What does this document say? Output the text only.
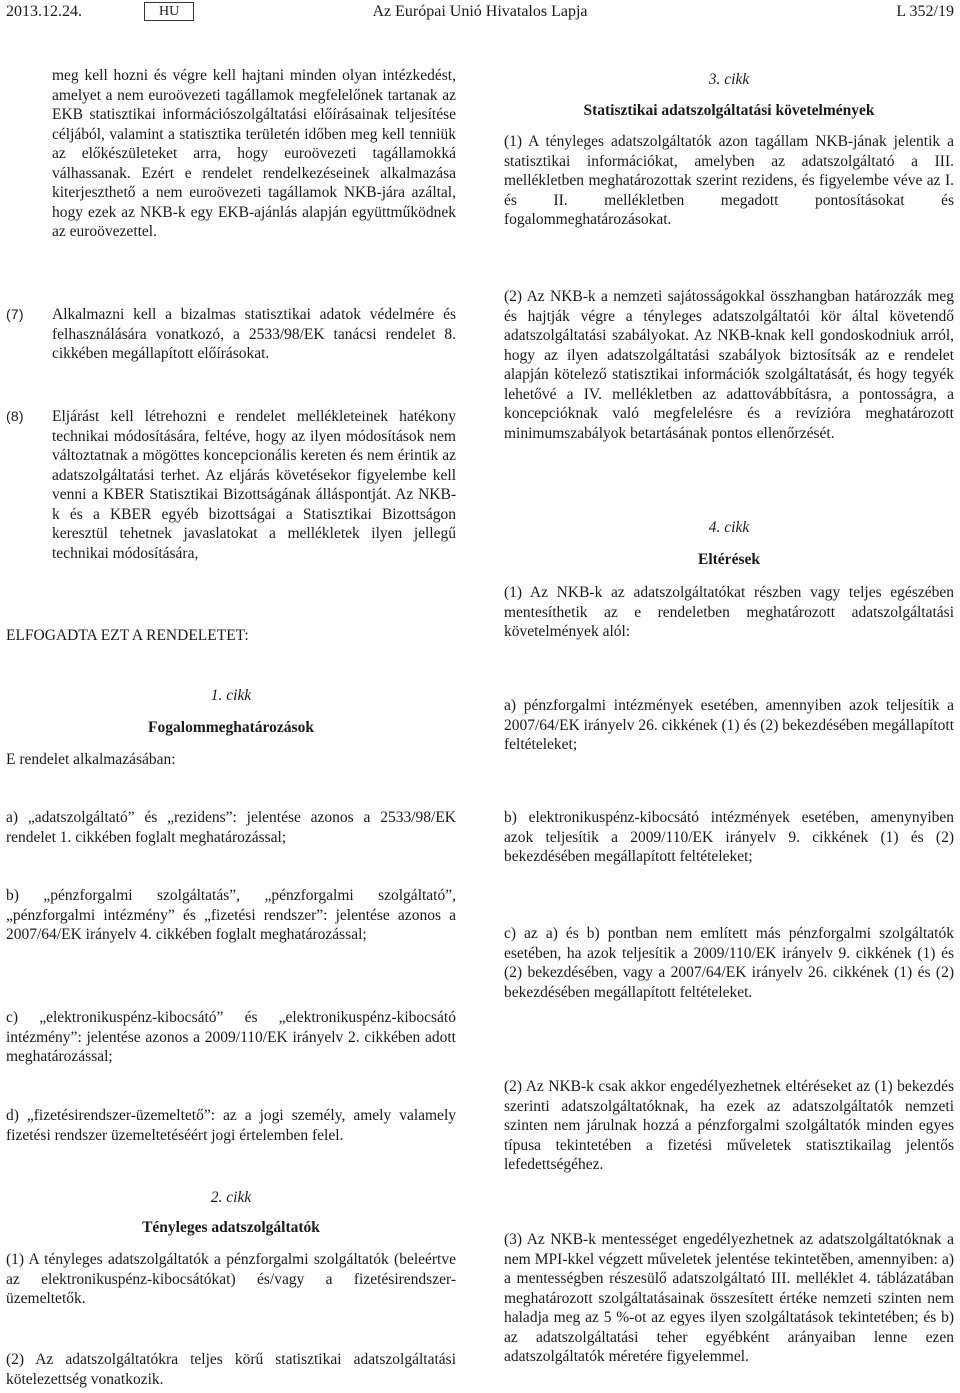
2013.12.24.	HU	Az Európai Unió Hivatalos Lapja	L 352/19
meg kell hozni és végre kell hajtani minden olyan intézkedést, amelyet a nem euroövezeti tagállamok megfelelőnek tartanak az EKB statisztikai információszolgáltatási előírásainak teljesítése céljából, valamint a statisztika területén időben meg kell tenniük az előkészületeket arra, hogy euroövezeti tagállamokká válhassanak. Ezért e rendelet rendelkezéseinek alkalmazása kiterjeszthető a nem euroövezeti tagállamok NKB-jára azáltal, hogy ezek az NKB-k egy EKB-ajánlás alapján együttműködnek az euroövezettel.
(7) Alkalmazni kell a bizalmas statisztikai adatok védelmére és felhasználására vonatkozó, a 2533/98/EK tanácsi rendelet 8. cikkében megállapított előírásokat.
(8) Eljárást kell létrehozni e rendelet mellékleteinek hatékony technikai módosítására, feltéve, hogy az ilyen módosítások nem változtatnak a mögöttes koncepcionális kereten és nem érintik az adatszolgáltatási terhet. Az eljárás követésekor figyelembe kell venni a KBER Statisztikai Bizottságának álláspontját. Az NKB-k és a KBER egyéb bizottságai a Statisztikai Bizottságon keresztül tehetnek javaslatokat a mellékletek ilyen jellegű technikai módosítására,
ELFOGADTA EZT A RENDELETET:
1. cikk
Fogalommeghatározások
E rendelet alkalmazásában:
a) „adatszolgáltató” és „rezidens”: jelentése azonos a 2533/98/EK rendelet 1. cikkében foglalt meghatározással;
b) „pénzforgalmi szolgáltatás”, „pénzforgalmi szolgáltató”, „pénzforgalmi intézmény” és „fizetési rendszer”: jelentése azonos a 2007/64/EK irányelv 4. cikkében foglalt meghatározással;
c) „elektronikuspénz-kibocsátó” és „elektronikuspénz-kibocsátó intézmény”: jelentése azonos a 2009/110/EK irányelv 2. cikkében adott meghatározással;
d) „fizetésirendszer-üzemeltető”: az a jogi személy, amely valamely fizetési rendszer üzemeltetéséért jogi értelemben felel.
2. cikk
Tényleges adatszolgáltatók
(1) A tényleges adatszolgáltatók a pénzforgalmi szolgáltatók (beleértve az elektronikuspénz-kibocsátókat) és/vagy a fizetésirendszer-üzemeltetők.
(2) Az adatszolgáltatókra teljes körű statisztikai adatszolgáltatási kötelezettség vonatkozik.
3. cikk
Statisztikai adatszolgáltatási követelmények
(1) A tényleges adatszolgáltatók azon tagállam NKB-jának jelentik a statisztikai információkat, amelyben az adatszolgáltató a III. mellékletben meghatározottak szerint rezidens, és figyelembe véve az I. és II. mellékletben megadott pontosításokat és fogalommeghatározásokat.
(2) Az NKB-k a nemzeti sajátosságokkal összhangban határozzák meg és hajtják végre a tényleges adatszolgáltatói kör által követendő adatszolgáltatási szabályokat. Az NKB-knak kell gondoskodniuk arról, hogy az ilyen adatszolgáltatási szabályok biztosítsák az e rendelet alapján kötelező statisztikai információk szolgáltatását, és hogy tegyék lehetővé a IV. mellékletben az adattovábbításra, a pontosságra, a koncepcióknak való megfelelésre és a revízióra meghatározott minimumszabályok betartásának pontos ellenőrzését.
4. cikk
Eltérések
(1) Az NKB-k az adatszolgáltatókat részben vagy teljes egészében mentesíthetik az e rendeletben meghatározott adatszolgáltatási követelmények alól:
a) pénzforgalmi intézmények esetében, amennyiben azok teljesítik a 2007/64/EK irányelv 26. cikkének (1) és (2) bekezdésében megállapított feltételeket;
b) elektronikuspénz-kibocsátó intézmények esetében, amenynyiben azok teljesítik a 2009/110/EK irányelv 9. cikkének (1) és (2) bekezdésében megállapított feltételeket;
c) az a) és b) pontban nem említett más pénzforgalmi szolgáltatók esetében, ha azok teljesítik a 2009/110/EK irányelv 9. cikkének (1) és (2) bekezdésében, vagy a 2007/64/EK irányelv 26. cikkének (1) és (2) bekezdésében megállapított feltételeket.
(2) Az NKB-k csak akkor engedélyezhetnek eltéréseket az (1) bekezdés szerinti adatszolgáltatóknak, ha ezek az adatszolgáltatók nemzeti szinten nem járulnak hozzá a pénzforgalmi szolgáltatók minden egyes típusa tekintetében a fizetési műveletek statisztikailag jelentős lefedettségéhez.
(3) Az NKB-k mentességet engedélyezhetnek az adatszolgáltatóknak a nem MPI-kkel végzett műveletek jelentése tekintetěben, amennyiben: a) a mentességben részesülő adatszolgáltató III. melléklet 4. táblázatában meghatározott szolgáltatásainak összesített értéke nemzeti szinten nem haladja meg az 5 %-ot az egyes ilyen szolgáltatások tekintetében; és b) az adatszolgáltatási teher egyébként arányaiban lenne ezen adatszolgáltatók méretére figyelemmel.
